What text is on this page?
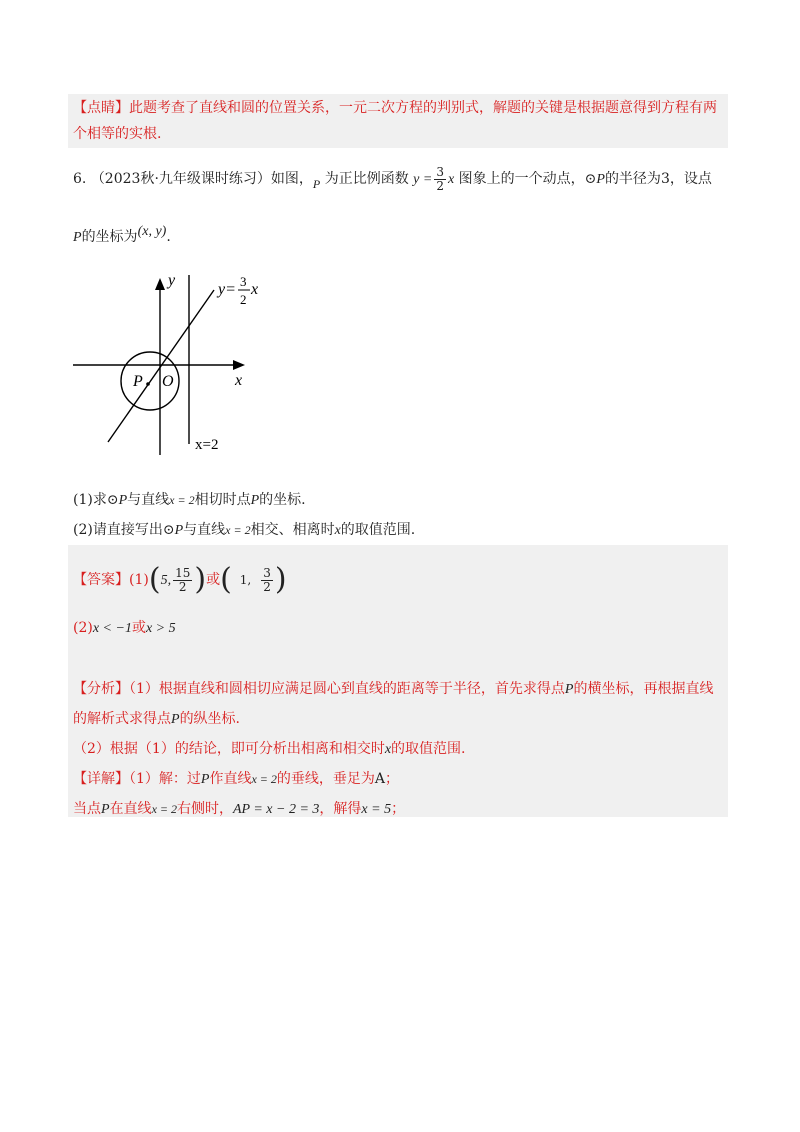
【点睛】此题考查了直线和圆的位置关系，一元二次方程的判别式，解题的关键是根据题意得到方程有两
个相等的实根.
6. （2023秋·九年级课时练习）如图，P 为正比例函数 $y = \frac{3}{2}$ x 图象上的一个动点，⊙P的半径为3，设点
P的坐标为(x, y).
y
x
O
P
y= 3
2
x
x=2
(1)求⊙P与直线x = 2相切时点P的坐标.
(2)请直接写出⊙P与直线x = 2相交、相离时x的取值范围.
【答案】(1)(5, $\frac{15}{2}$ )或( 1, $\frac{3}{2}$ )
(2)x < −1或x > 5
【分析】（1）根据直线和圆相切应满足圆心到直线的距离等于半径，首先求得点P的横坐标，再根据直线
的解析式求得点P的纵坐标.
（2）根据（1）的结论，即可分析出相离和相交时x的取值范围.
【详解】（1）解：过P作直线x = 2的垂线，垂足为A；
当点P在直线x = 2右侧时，AP = x − 2 = 3，解得x = 5；
